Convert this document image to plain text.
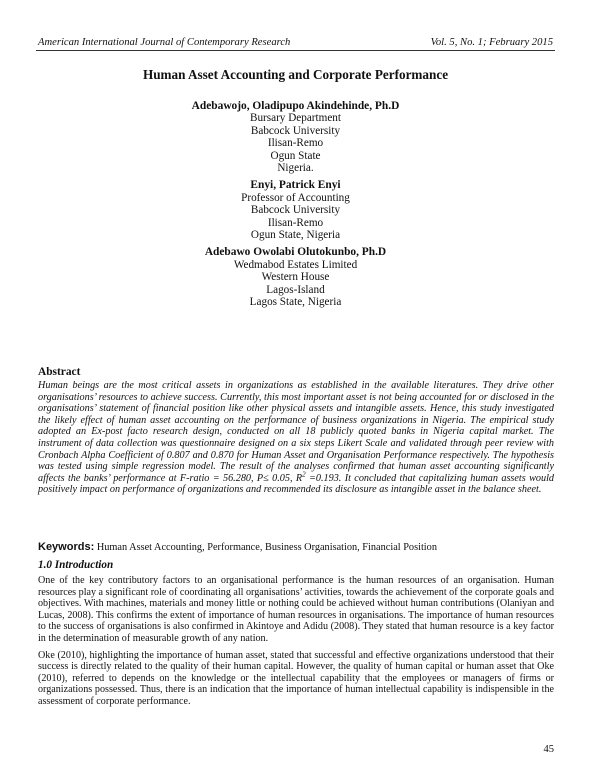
American International Journal of Contemporary Research	Vol. 5, No. 1; February 2015
Human Asset Accounting and Corporate Performance
Adebawojo, Oladipupo Akindehinde, Ph.D
Bursary Department
Babcock University
Ilisan-Remo
Ogun State
Nigeria.
Enyi, Patrick Enyi
Professor of Accounting
Babcock University
Ilisan-Remo
Ogun State, Nigeria
Adebawo Owolabi Olutokunbo, Ph.D
Wedmabod Estates Limited
Western House
Lagos-Island
Lagos State, Nigeria
Abstract

Human beings are the most critical assets in organizations as established in the available literatures. They drive other organisations’ resources to achieve success. Currently, this most important asset is not being accounted for or disclosed in the organisations’ statement of financial position like other physical assets and intangible assets. Hence, this study investigated the likely effect of human asset accounting on the performance of business organizations in Nigeria. The empirical study adopted an Ex-post facto research design, conducted on all 18 publicly quoted banks in Nigeria capital market. The instrument of data collection was questionnaire designed on a six steps Likert Scale and validated through peer review with Cronbach Alpha Coefficient of 0.807 and 0.870 for Human Asset and Organisation Performance respectively. The hypothesis was tested using simple regression model. The result of the analyses confirmed that human asset accounting significantly affects the banks’ performance at F-ratio = 56.280, P≤ 0.05, $R^2 =0.193$. It concluded that capitalizing human assets would positively impact on performance of organizations and recommended its disclosure as intangible asset in the balance sheet.

Keywords: Human Asset Accounting, Performance, Business Organisation, Financial Position
1.0 Introduction

One of the key contributory factors to an organisational performance is the human resources of an organisation. Human resources play a significant role of coordinating all organisations’ activities, towards the achievement of the corporate goals and objectives. With machines, materials and money little or nothing could be achieved without human contributions (Olaniyan and Lucas, 2008). This confirms the extent of importance of human resources in organisations. The importance of human resources to the success of organisations is also confirmed in Akintoye and Adidu (2008). They stated that human resource is a key factor in the determination of measurable growth of any nation.

Oke (2010), highlighting the importance of human asset, stated that successful and effective organizations understood that their success is directly related to the quality of their human capital. However, the quality of human capital or human asset that Oke (2010), referred to depends on the knowledge or the intellectual capability that the employees or managers of firms or organizations possessed. Thus, there is an indication that the importance of human intellectual capability is indispensible in the assessment of corporate performance.

45
